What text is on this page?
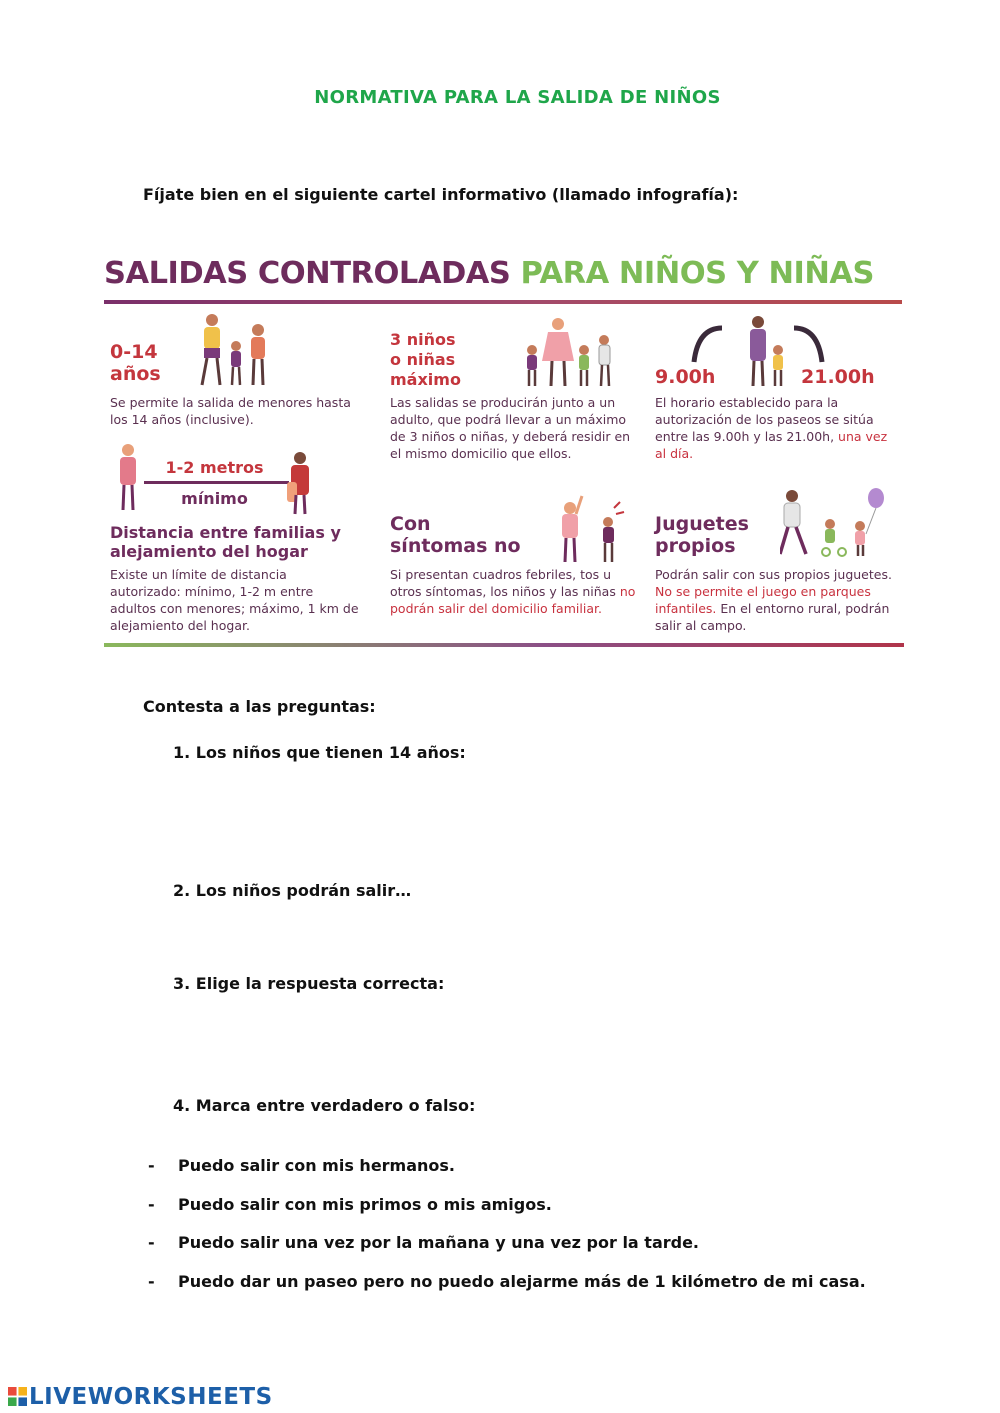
NORMATIVA PARA LA SALIDA DE NIÑOS
Fíjate bien en el siguiente cartel informativo (llamado infografía):
SALIDAS CONTROLADAS PARA NIÑOS Y NIÑAS
0-14
años
Se permite la salida de menores hasta los 14 años (inclusive).
3 niños
o niñas
máximo
Las salidas se producirán junto a un adulto, que podrá llevar a un máximo de 3 niños o niñas, y deberá residir en el mismo domicilio que ellos.
9.00h	21.00h
El horario establecido para la autorización de los paseos se sitúa entre las 9.00h y las 21.00h, una vez al día.
1-2 metros
mínimo
Distancia entre familias y alejamiento del hogar
Existe un límite de distancia autorizado: mínimo, 1-2 m entre adultos con menores; máximo, 1 km de alejamiento del hogar.
Con
síntomas no
Si presentan cuadros febriles, tos u otros síntomas, los niños y las niñas no podrán salir del domicilio familiar.
Juguetes
propios
Podrán salir con sus propios juguetes. No se permite el juego en parques infantiles. En el entorno rural, podrán salir al campo.
Contesta a las preguntas:
1. Los niños que tienen 14 años:
2. Los niños podrán salir…
3. Elige la respuesta correcta:
4. Marca entre verdadero o falso:
- Puedo salir con mis hermanos.
- Puedo salir con mis primos o mis amigos.
- Puedo salir una vez por la mañana y una vez por la tarde.
- Puedo dar un paseo pero no puedo alejarme más de 1 kilómetro de mi casa.
LIVEWORKSHEETS
